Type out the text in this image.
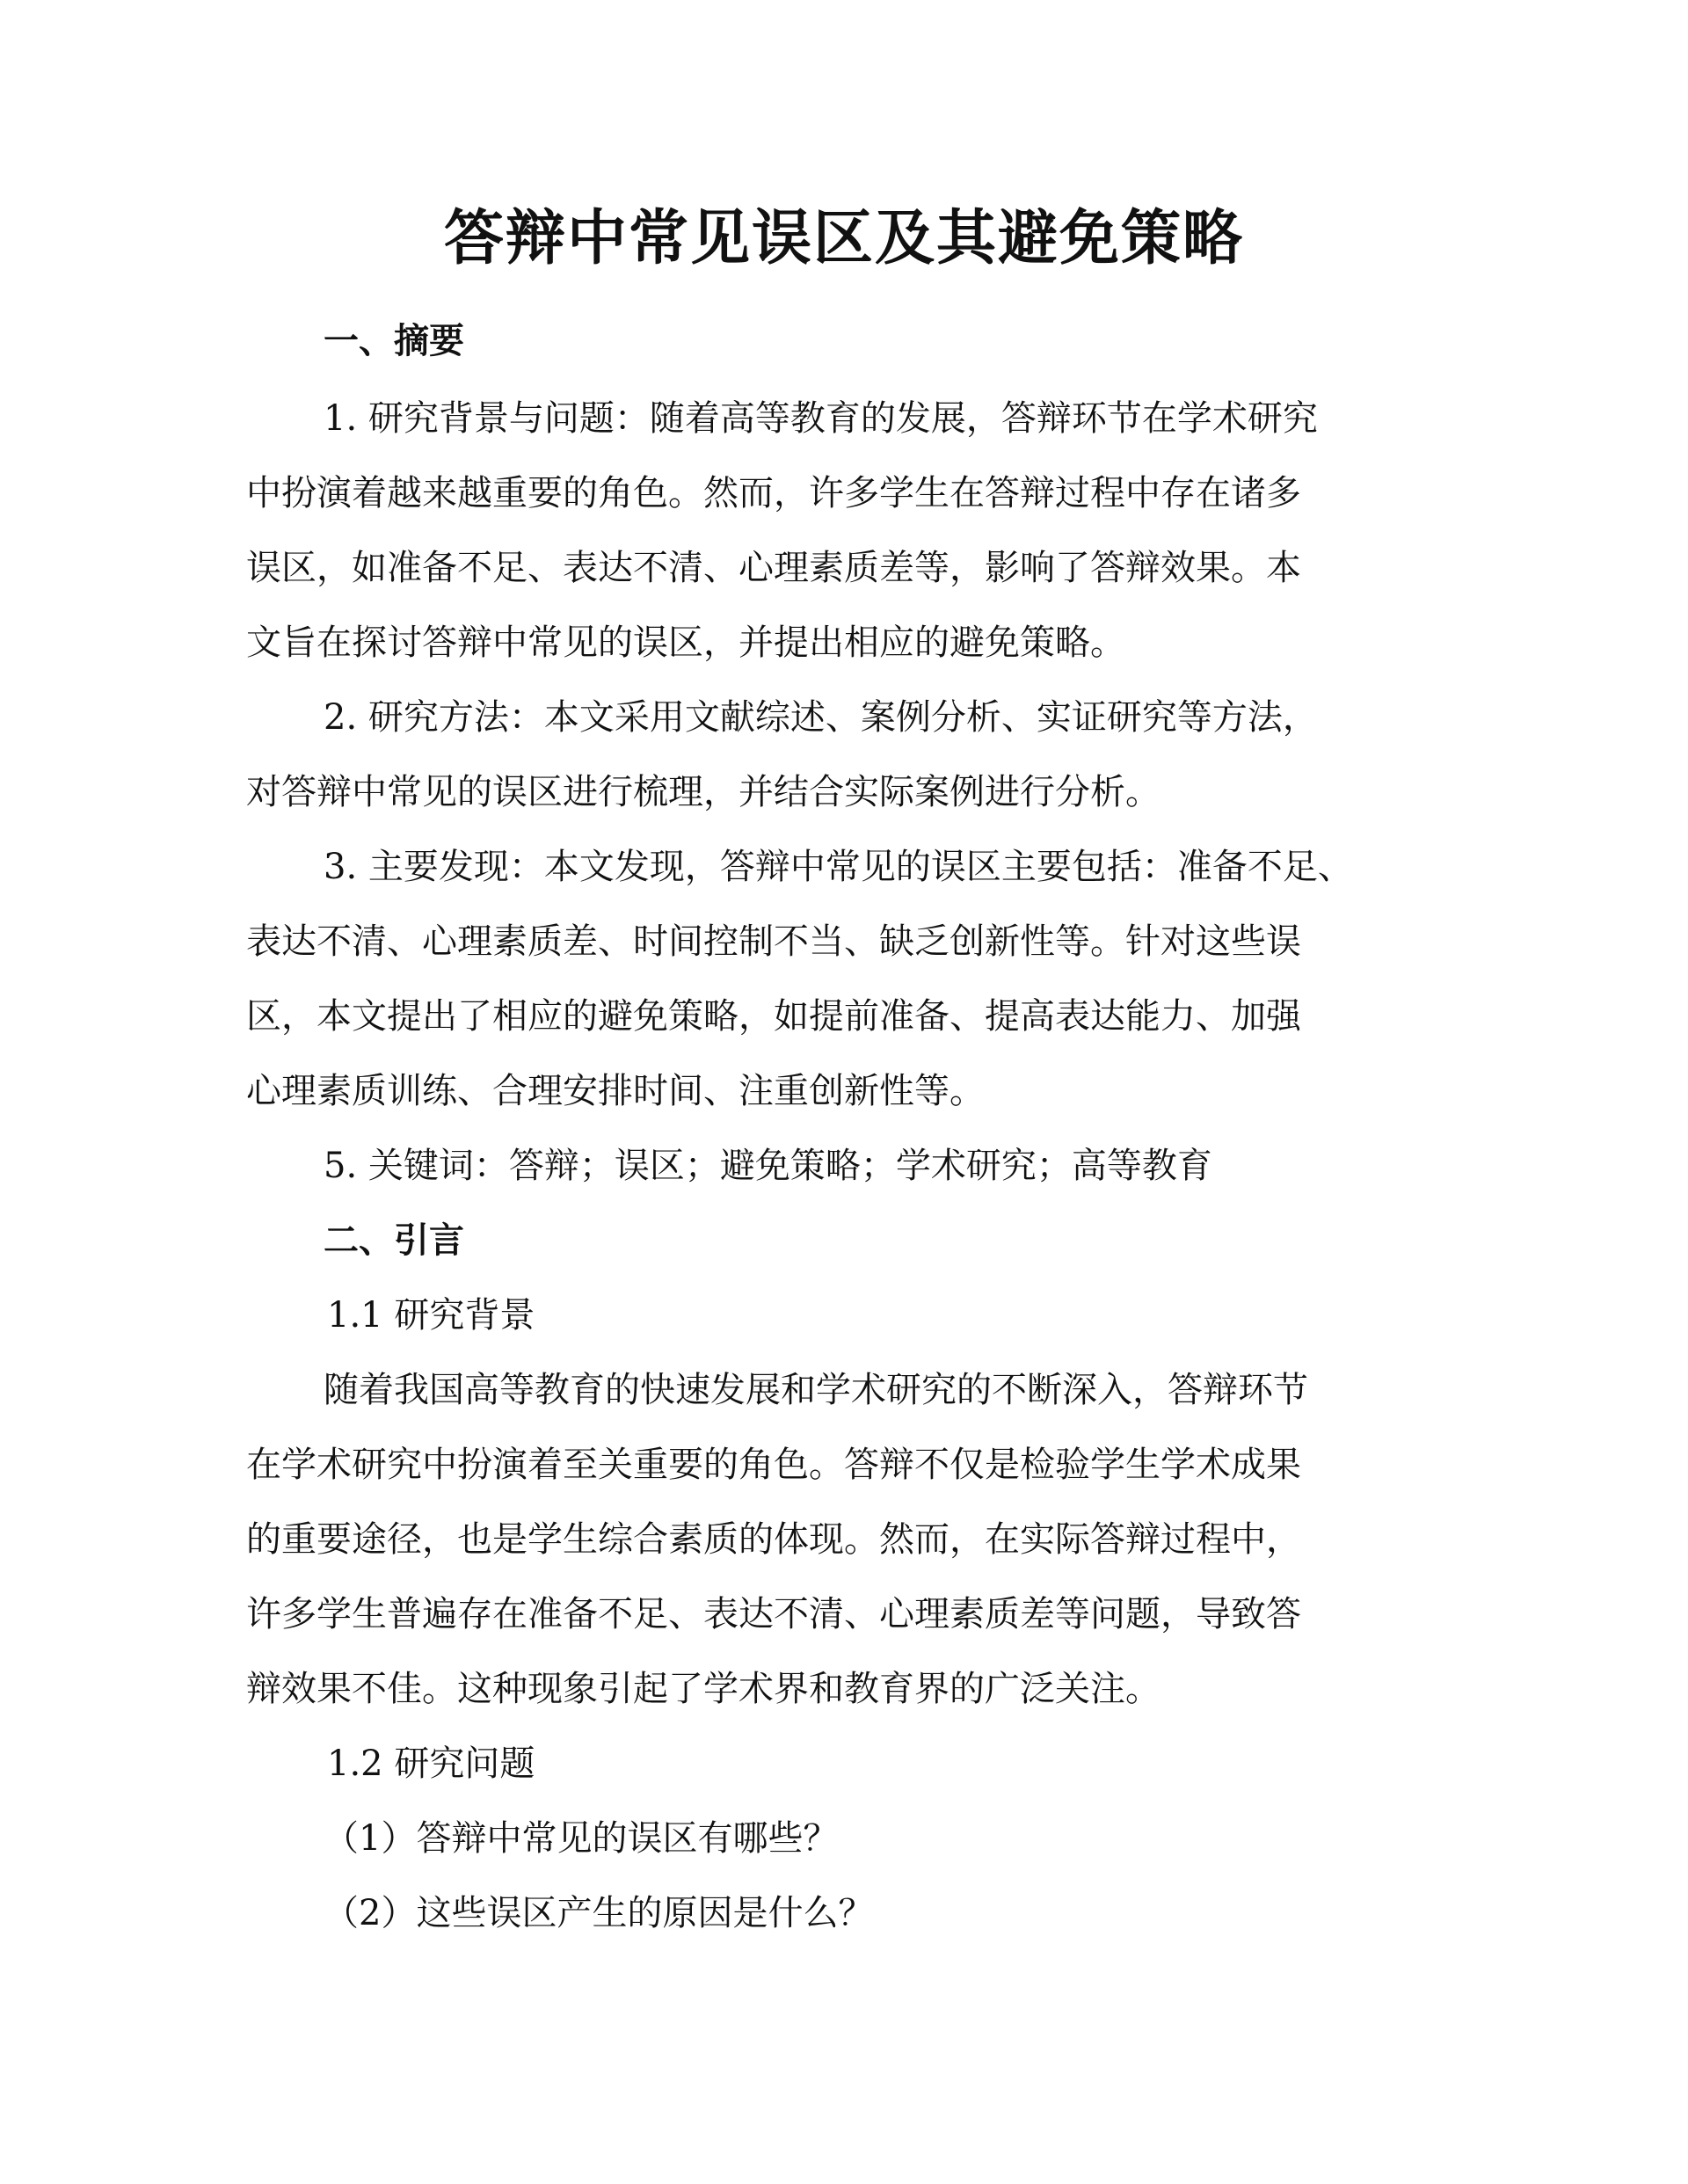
答辩中常见误区及其避免策略
一、摘要
1. 研究背景与问题：随着高等教育的发展，答辩环节在学术研究
中扮演着越来越重要的角色。然而，许多学生在答辩过程中存在诸多
误区，如准备不足、表达不清、心理素质差等，影响了答辩效果。本
文旨在探讨答辩中常见的误区，并提出相应的避免策略。
2. 研究方法：本文采用文献综述、案例分析、实证研究等方法，
对答辩中常见的误区进行梳理，并结合实际案例进行分析。
3. 主要发现：本文发现，答辩中常见的误区主要包括：准备不足、
表达不清、心理素质差、时间控制不当、缺乏创新性等。针对这些误
区，本文提出了相应的避免策略，如提前准备、提高表达能力、加强
心理素质训练、合理安排时间、注重创新性等。
5. 关键词：答辩；误区；避免策略；学术研究；高等教育
二、引言
1.1 研究背景
随着我国高等教育的快速发展和学术研究的不断深入，答辩环节
在学术研究中扮演着至关重要的角色。答辩不仅是检验学生学术成果
的重要途径，也是学生综合素质的体现。然而，在实际答辩过程中，
许多学生普遍存在准备不足、表达不清、心理素质差等问题，导致答
辩效果不佳。这种现象引起了学术界和教育界的广泛关注。
1.2 研究问题
（1）答辩中常见的误区有哪些？
（2）这些误区产生的原因是什么？
